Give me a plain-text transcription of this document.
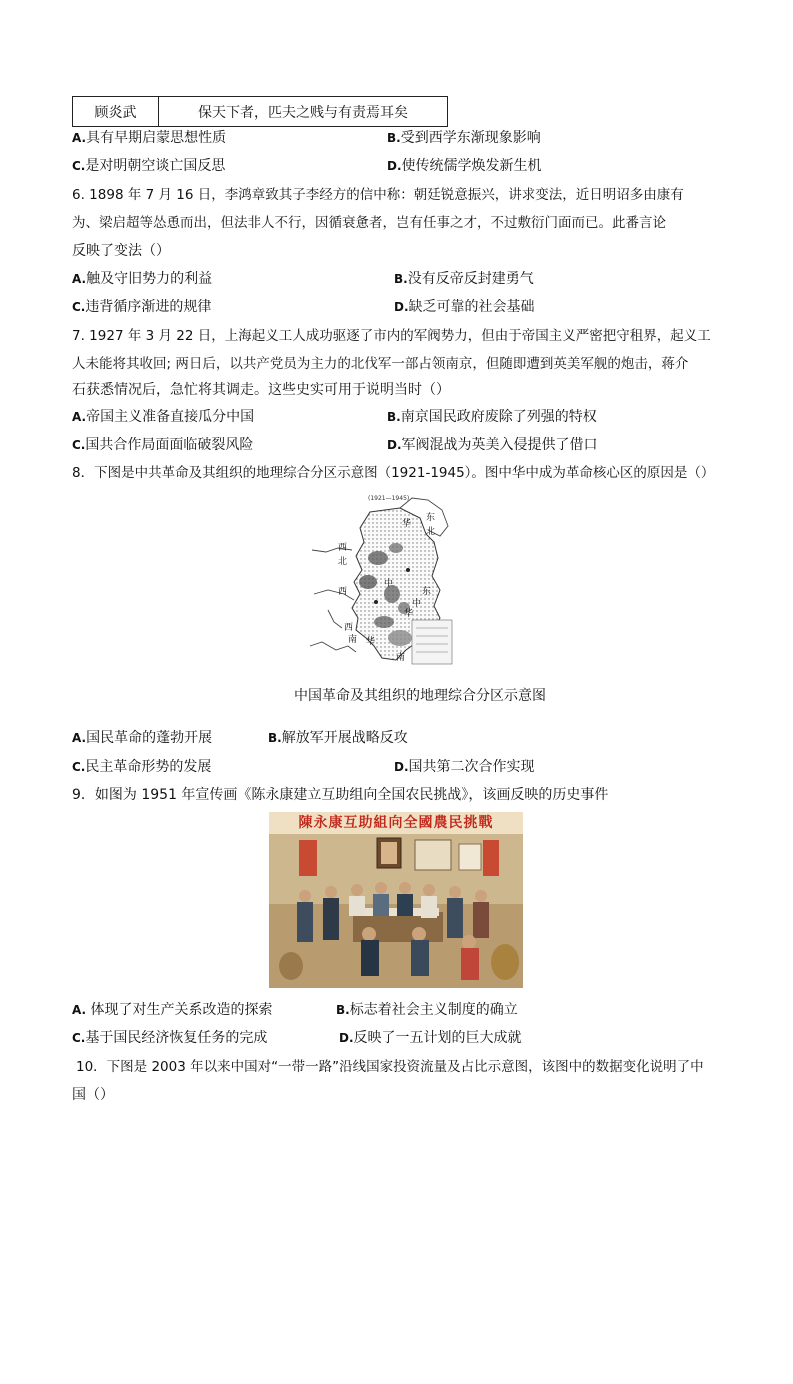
顾炎武	保天下者，匹夫之贱与有责焉耳矣
A.具有早期启蒙思想性质	B.受到西学东渐现象影响
C.是对明朝空谈亡国反思	D.使传统儒学焕发新生机
6. 1898 年 7 月 16 日，李鸿章致其子李经方的信中称：朝廷锐意振兴，讲求变法，近日明诏多由康有
为、梁启超等怂恿而出，但法非人不行，因循衰惫者，岂有任事之才，不过敷衍门面而已。此番言论
反映了变法（）
A.触及守旧势力的利益	B.没有反帝反封建勇气
C.违背循序渐进的规律	D.缺乏可靠的社会基础
7. 1927 年 3 月 22 日，上海起义工人成功驱逐了市内的军阀势力，但由于帝国主义严密把守租界，起义工
人未能将其收回; 两日后，以共产党员为主力的北伐军一部占领南京，但随即遭到英美军舰的炮击，蒋介
石获悉情况后，急忙将其调走。这些史实可用于说明当时（）
A.帝国主义准备直接瓜分中国	B.南京国民政府废除了列强的特权
C.国共合作局面面临破裂风险	D.军阀混战为英美入侵提供了借口
8．下图是中共革命及其组织的地理综合分区示意图（1921-1945）。图中华中成为革命核心区的原因是（）
(1921—1945)
东
北
华
西
北
西	东
西
南 华
华
中
南
中
中国革命及其组织的地理综合分区示意图
A.国民革命的蓬勃开展	B.解放军开展战略反攻
C.民主革命形势的发展	D.国共第二次合作实现
9．如图为 1951 年宣传画《陈永康建立互助组向全国农民挑战》，该画反映的历史事件
陳永康互助組向全國農民挑戰
A. 体现了对生产关系改造的探索	B.标志着社会主义制度的确立
C.基于国民经济恢复任务的完成	D.反映了一五计划的巨大成就
10．下图是 2003 年以来中国对“一带一路”沿线国家投资流量及占比示意图，该图中的数据变化说明了中
国（）
